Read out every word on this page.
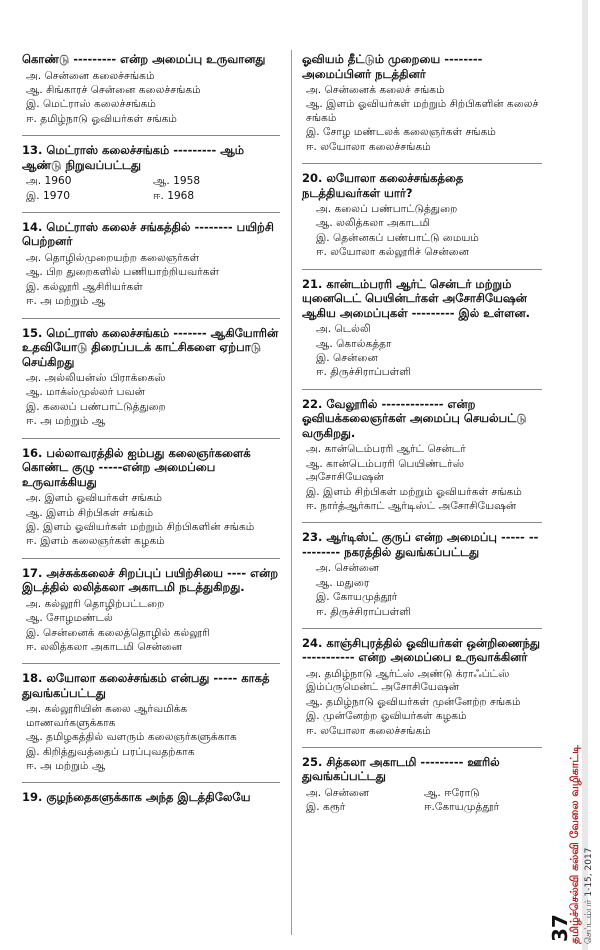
கொண்டு --------- என்ற அமைப்பு உருவானது
அ. சென்னை கலைச்சங்கம்
ஆ. சிங்காரச் சென்னை கலைச்சங்கம்
இ. மெட்ராஸ் கலைச்சங்கம்
ஈ. தமிழ்நாடு ஓவியர்கள் சங்கம்
13. மெட்ராஸ் கலைச்சங்கம் --------- ஆம் ஆண்டு நிறுவப்பட்டது
அ. 1960	ஆ. 1958
இ. 1970	ஈ. 1968
14. மெட்ராஸ் கலைச் சங்கத்தில் -------- பயிற்சி பெற்றனர்
அ. தொழில்முறையற்ற கலைஞர்கள்
ஆ. பிற துறைகளில் பணியாற்றியவர்கள்
இ. கல்லூரி ஆசிரியர்கள்
ஈ. அ மற்றும் ஆ
15. மெட்ராஸ் கலைச்சங்கம் ------- ஆகியோரின் உதவியோடு திரைப்படக் காட்சிகளை ஏற்பாடு செய்கிறது
அ. அல்லியன்ஸ் பிராக்கைஸ்
ஆ. மாக்ஸ்முல்லர் பவன்
இ. கலைப் பண்பாட்டுத்துறை
ஈ. அ மற்றும் ஆ
16. பல்லாவரத்தில் ஐம்பது கலைஞர்களைக் கொண்ட குழு -----என்ற அமைப்பை உருவாக்கியது
அ. இளம் ஓவியர்கள் சங்கம்
ஆ. இளம் சிற்பிகள் சங்கம்
இ. இளம் ஓவியர்கள் மற்றும் சிற்பிகளின் சங்கம்
ஈ. இளம் கலைஞர்கள் கழகம்
17. அச்சுக்கலைச் சிறப்புப் பயிற்சியை ---- என்ற இடத்தில் லலித்கலா அகாடமி நடத்துகிறது.
அ. கல்லூரி தொழிற்பட்டறை
ஆ. சோழமண்டல்
இ. சென்னைக் கலைத்தொழில் கல்லூரி
ஈ. லலித்கலா அகாடமி சென்னை
18. லயோலா கலைச்சங்கம் என்பது ----- காகத் துவங்கப்பட்டது
அ. கல்லூரியின் கலை ஆர்வமிக்க மாணவர்களுக்காக
ஆ. தமிழகத்தில் வளரும் கலைஞர்களுக்காக
இ. கிறித்துவத்தைப் பரப்புவதற்காக
ஈ. அ மற்றும் ஆ
19. குழந்தைகளுக்காக அந்த இடத்திலேயே
ஓவியம் தீட்டும் முறையை -------- அமைப்பினர் நடத்தினர்
அ. சென்னைக் கலைச் சங்கம்
ஆ. இளம் ஓவியர்கள் மற்றும் சிற்பிகளின் கலைச் சங்கம்
இ. சோழ மண்டலக் கலைஞர்கள் சங்கம்
ஈ. லயோலா கலைச்சங்கம்
20. லயோலா கலைச்சங்கத்தை நடத்தியவர்கள் யார்?
அ. கலைப் பண்பாட்டுத்துறை
ஆ. லலித்கலா அகாடமி
இ. தென்னகப் பண்பாட்டு மையம்
ஈ. லயோலா கல்லூரிச் சென்னை
21. கான்டம்பரரி ஆர்ட் சென்டர் மற்றும் யுனைடெட் பெயின்டர்கள் அசோசியேஷன் ஆகிய அமைப்புகள் --------- இல் உள்ளன.
அ. டெல்லி
ஆ. கொல்கத்தா
இ. சென்னை
ஈ. திருச்சிராப்பள்ளி
22. வேலூரில் ------------- என்ற ஓவியக்கலைஞர்கள் அமைப்பு செயல்பட்டு வருகிறது.
அ. கான்டெம்பரரி ஆர்ட் சென்டர்
ஆ. கான்டெம்பரரி பெயிண்டர்ஸ் அசோசியேஷன்
இ. இளம் சிற்பிகள் மற்றும் ஓவியர்கள் சங்கம்
ஈ. நார்த்ஆர்காட் ஆர்டிஸ்ட் அசோசியேஷன்
23. ஆர்டிஸ்ட் குருப் என்ற அமைப்பு ----- ---------- நகரத்தில் துவங்கப்பட்டது
அ. சென்னை
ஆ. மதுரை
இ. கோயமுத்தூர்
ஈ. திருச்சிராப்பள்ளி
24. காஞ்சிபுரத்தில் ஓவியர்கள் ஒன்றிணைந்து ----------- என்ற அமைப்பை உருவாக்கினர்
அ. தமிழ்நாடு ஆர்ட்ஸ் அண்டு க்ராஃப்ட்ஸ் இம்ப்ருமென்ட் அசோசியேஷன்
ஆ. தமிழ்நாடு ஓவியர்கள் முன்னேற்ற சங்கம்
இ. முன்னேற்ற ஓவியர்கள் கழகம்
ஈ. லயோலா கலைச்சங்கம்
25. சித்கலா அகாடமி --------- ஊரில் துவங்கப்பட்டது
அ. சென்னை	ஆ. ஈரோடு
இ. கரூர்	ஈ.கோயமுத்தூர்
37
தமிழ்ச்செல்வி கல்வி வேலை வழிகாட்டி செப்டம்பர் 1-15, 2017
